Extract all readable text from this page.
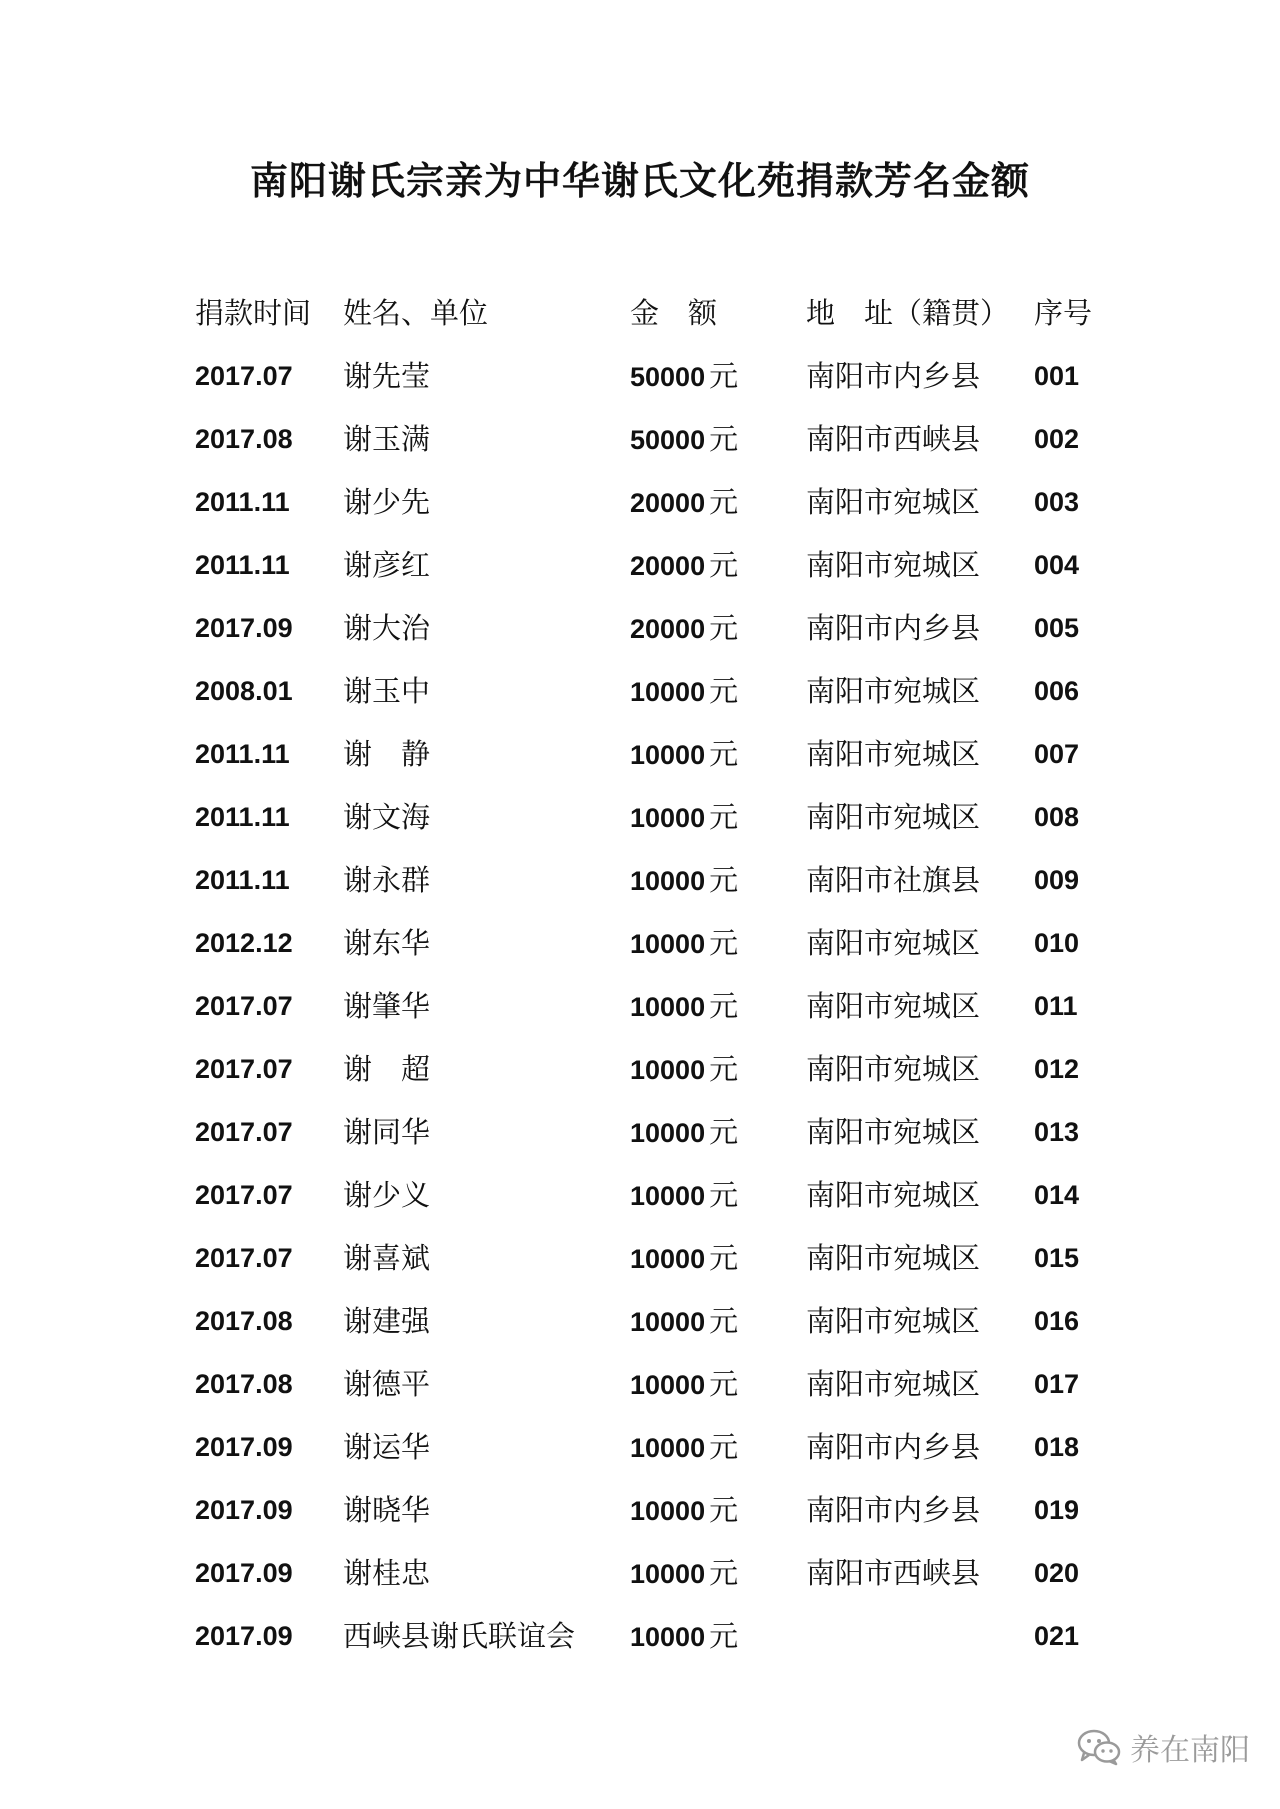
南阳谢氏宗亲为中华谢氏文化苑捐款芳名金额
捐款时间 姓名、单位	金　额	地　址（籍贯） 序号
2017.07 谢先莹	50000 元 南阳市内乡县 001
2017.08 谢玉满	50000 元 南阳市西峡县 002
2011.11 谢少先	20000 元 南阳市宛城区 003
2011.11 谢彦红	20000 元 南阳市宛城区 004
2017.09 谢大治	20000 元 南阳市内乡县 005
2008.01 谢玉中	10000 元 南阳市宛城区 006
2011.11 谢　静	10000 元 南阳市宛城区 007
2011.11 谢文海	10000 元 南阳市宛城区 008
2011.11 谢永群	10000 元 南阳市社旗县 009
2012.12 谢东华	10000 元 南阳市宛城区 010
2017.07 谢肇华	10000 元 南阳市宛城区 011
2017.07 谢　超	10000 元 南阳市宛城区 012
2017.07 谢同华	10000 元 南阳市宛城区 013
2017.07 谢少义	10000 元 南阳市宛城区 014
2017.07 谢喜斌	10000 元 南阳市宛城区 015
2017.08 谢建强	10000 元 南阳市宛城区 016
2017.08 谢德平	10000 元 南阳市宛城区 017
2017.09 谢运华	10000 元 南阳市内乡县 018
2017.09 谢晓华	10000 元 南阳市内乡县 019
2017.09 谢桂忠	10000 元 南阳市西峡县 020
2017.09 西峡县谢氏联谊会 10000 元	021
养在南阳
